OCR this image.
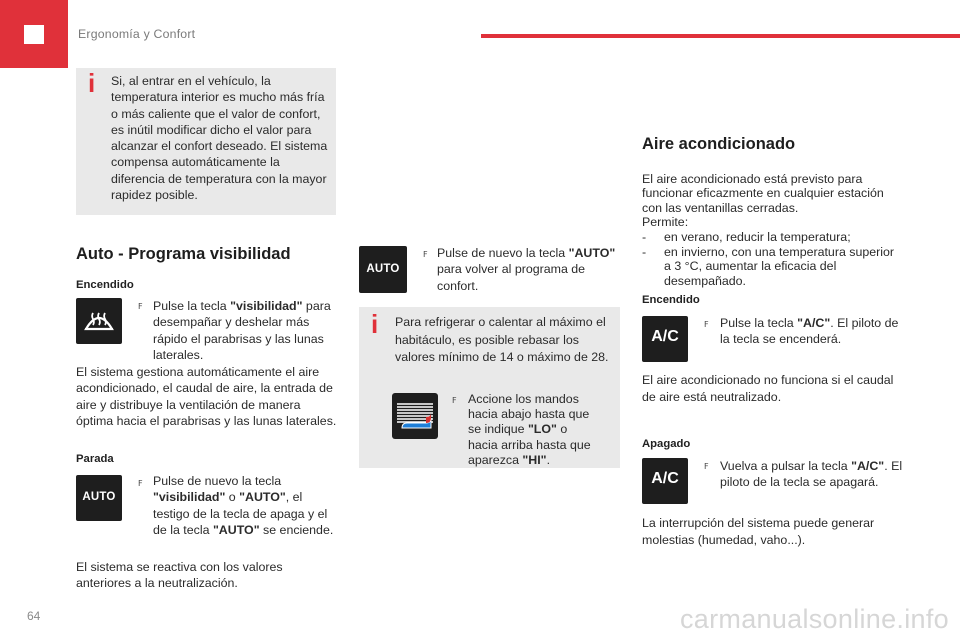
Ergonomía y Confort
i Si, al entrar en el vehículo, la temperatura interior es mucho más fría o más caliente que el valor de confort, es inútil modificar dicho el valor para alcanzar el confort deseado. El sistema compensa automáticamente la diferencia de temperatura con la mayor rapidez posible.
Auto - Programa visibilidad
Encendido
F Pulse la tecla "visibilidad" para desempañar y deshelar más rápido el parabrisas y las lunas laterales.
El sistema gestiona automáticamente el aire acondicionado, el caudal de aire, la entrada de aire y distribuye la ventilación de manera óptima hacia el parabrisas y las lunas laterales.
Parada
AUTO
F Pulse de nuevo la tecla "visibilidad" o "AUTO", el testigo de la tecla de apaga y el de la tecla "AUTO" se enciende.
El sistema se reactiva con los valores anteriores a la neutralización.
AUTO
F Pulse de nuevo la tecla "AUTO" para volver al programa de confort.
i Para refrigerar o calentar al máximo el habitáculo, es posible rebasar los valores mínimo de 14 o máximo de 28.
F Accione los mandos hacia abajo hasta que se indique "LO" o hacia arriba hasta que aparezca "HI".
Aire acondicionado
El aire acondicionado está previsto para funcionar eficazmente en cualquier estación con las ventanillas cerradas.
Permite:
- en verano, reducir la temperatura;
- en invierno, con una temperatura superior a 3 °C, aumentar la eficacia del desempañado.
Encendido
A/C
F Pulse la tecla "A/C". El piloto de la tecla se encenderá.
El aire acondicionado no funciona si el caudal de aire está neutralizado.
Apagado
A/C
F Vuelva a pulsar la tecla "A/C". El piloto de la tecla se apagará.
La interrupción del sistema puede generar molestias (humedad, vaho...).
64	carmanualsonline.info
